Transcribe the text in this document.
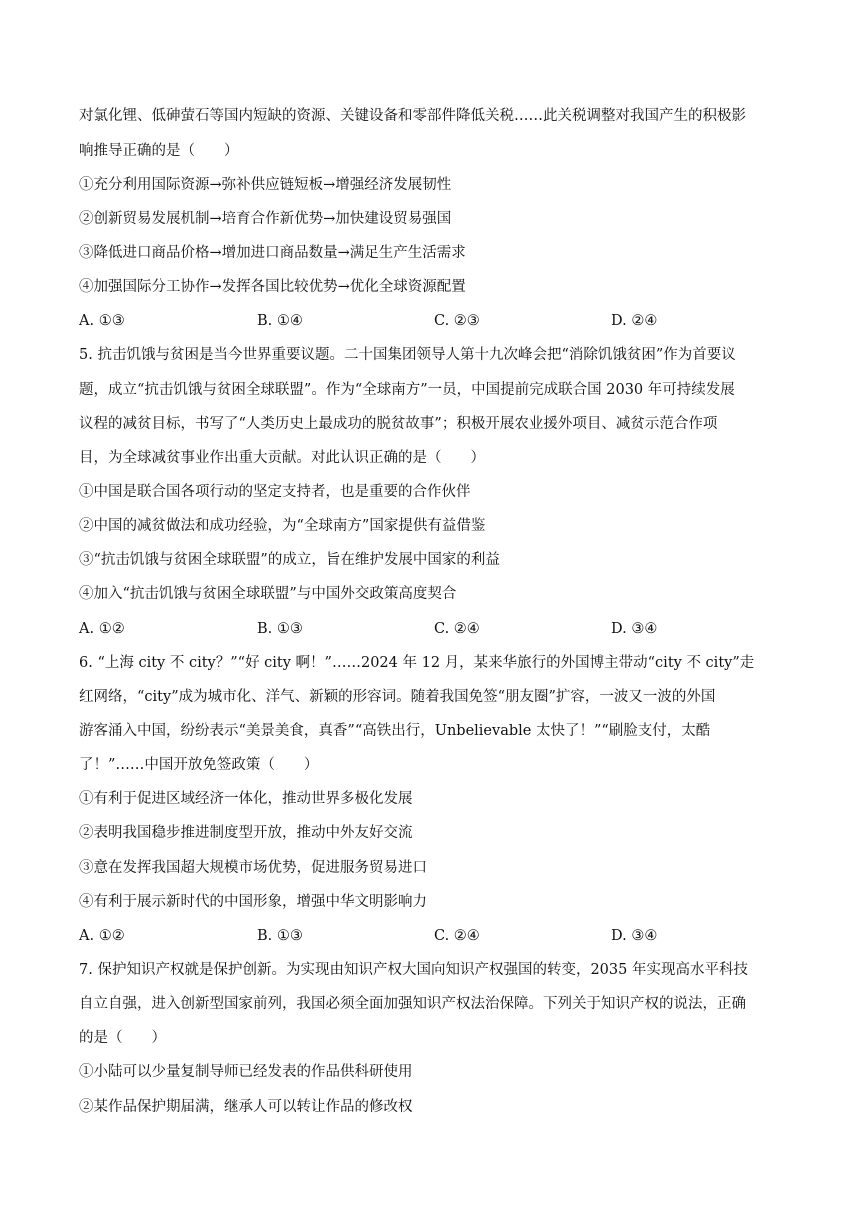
对氯化锂、低砷萤石等国内短缺的资源、关键设备和零部件降低关税……此关税调整对我国产生的积极影
响推导正确的是（　　）
①充分利用国际资源→弥补供应链短板→增强经济发展韧性
②创新贸易发展机制→培育合作新优势→加快建设贸易强国
③降低进口商品价格→增加进口商品数量→满足生产生活需求
④加强国际分工协作→发挥各国比较优势→优化全球资源配置
A. ①③	B. ①④	C. ②③	D. ②④
5. 抗击饥饿与贫困是当今世界重要议题。二十国集团领导人第十九次峰会把“消除饥饿贫困”作为首要议
题，成立“抗击饥饿与贫困全球联盟”。作为“全球南方”一员，中国提前完成联合国 2030 年可持续发展
议程的减贫目标，书写了“人类历史上最成功的脱贫故事”；积极开展农业援外项目、减贫示范合作项
目，为全球减贫事业作出重大贡献。对此认识正确的是（　　）
①中国是联合国各项行动的坚定支持者，也是重要的合作伙伴
②中国的减贫做法和成功经验，为“全球南方”国家提供有益借鉴
③“抗击饥饿与贫困全球联盟”的成立，旨在维护发展中国家的利益
④加入“抗击饥饿与贫困全球联盟”与中国外交政策高度契合
A. ①②	B. ①③	C. ②④	D. ③④
6. “上海 city 不 city？”“好 city 啊！”……2024 年 12 月，某来华旅行的外国博主带动“city 不 city”走
红网络，“city”成为城市化、洋气、新颖的形容词。随着我国免签“朋友圈”扩容，一波又一波的外国
游客涌入中国，纷纷表示“美景美食，真香”“高铁出行，Unbelievable 太快了！”“刷脸支付，太酷
了！”……中国开放免签政策（　　）
①有利于促进区域经济一体化，推动世界多极化发展
②表明我国稳步推进制度型开放，推动中外友好交流
③意在发挥我国超大规模市场优势，促进服务贸易进口
④有利于展示新时代的中国形象，增强中华文明影响力
A. ①②	B. ①③	C. ②④	D. ③④
7. 保护知识产权就是保护创新。为实现由知识产权大国向知识产权强国的转变，2035 年实现高水平科技
自立自强，进入创新型国家前列，我国必须全面加强知识产权法治保障。下列关于知识产权的说法，正确
的是（　　）
①小陆可以少量复制导师已经发表的作品供科研使用
②某作品保护期届满，继承人可以转让作品的修改权
